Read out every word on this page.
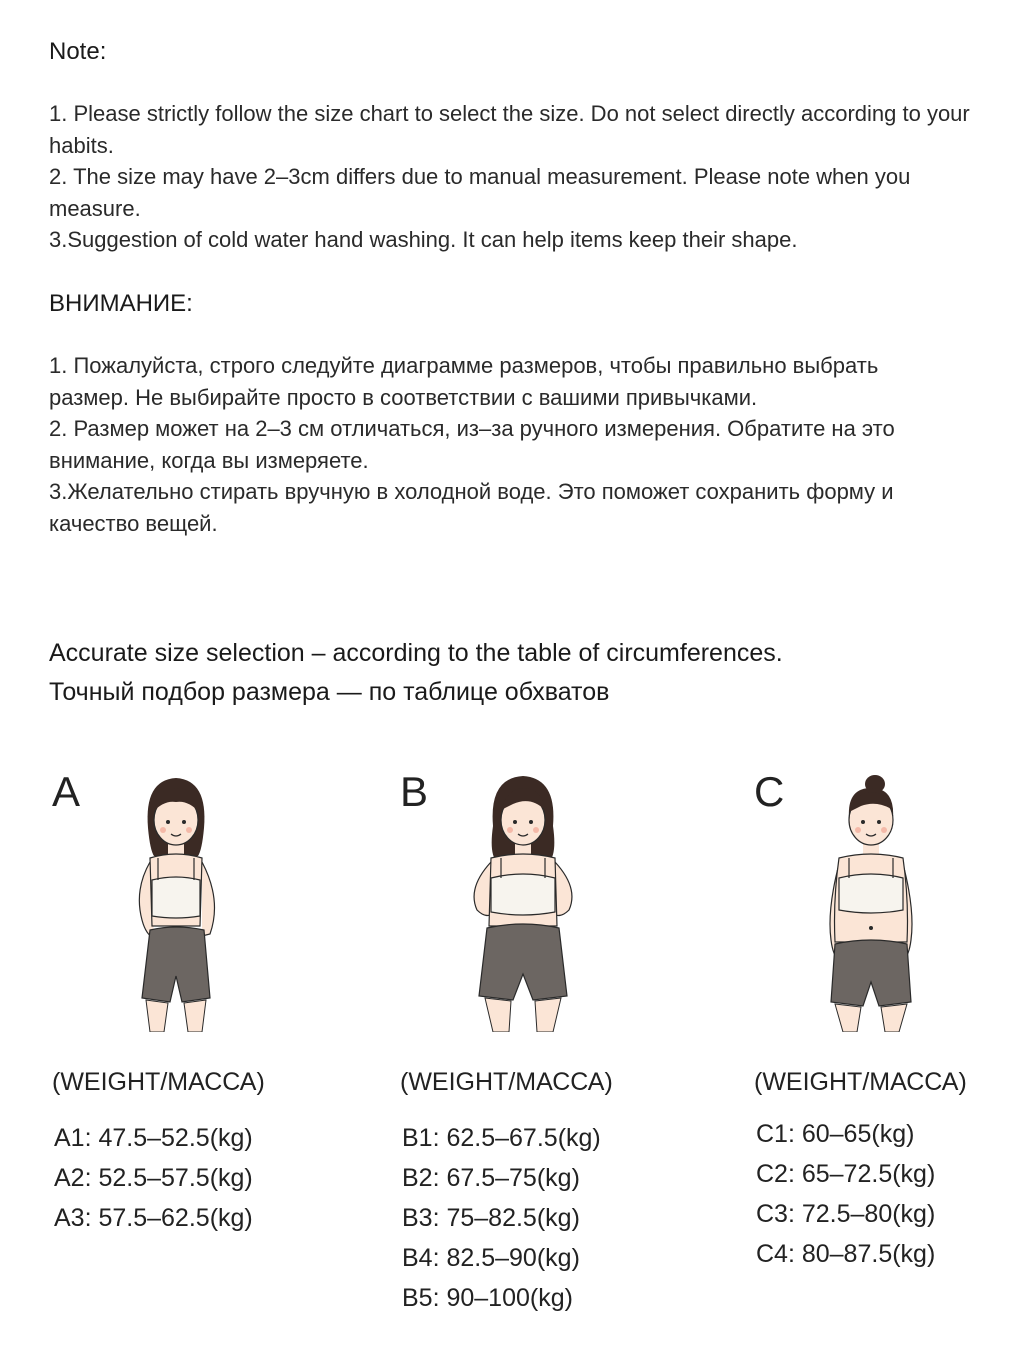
Note:

1. Please strictly follow the size chart to select the size. Do not select directly according to your habits.

2. The size may have 2–3cm differs due to manual measurement. Please note when you measure.

3.Suggestion of cold water hand washing. It can help items keep their shape.

ВНИМАНИЕ:

1. Пожалуйста, строго следуйте диаграмме размеров, чтобы правильно выбрать размер. Не выбирайте просто в соответствии с вашими привычками.

2. Размер может на 2–3 см отличаться, из–за ручного измерения. Обратите на это внимание, когда вы измеряете.

3.Желательно стирать вручную в холодной воде. Это поможет сохранить форму и качество вещей.

Accurate size selection – according to the table of circumferences.

Точный подбор размера — по таблице обхватов

A
(WEIGHT/МАССА)
A1: 47.5–52.5(kg)
A2: 52.5–57.5(kg)
A3: 57.5–62.5(kg)
B
(WEIGHT/МАССА)
B1: 62.5–67.5(kg)
B2: 67.5–75(kg)
B3: 75–82.5(kg)
B4: 82.5–90(kg)
B5: 90–100(kg)
C
(WEIGHT/МАССА)
C1: 60–65(kg)
C2: 65–72.5(kg)
C3: 72.5–80(kg)
C4: 80–87.5(kg)
